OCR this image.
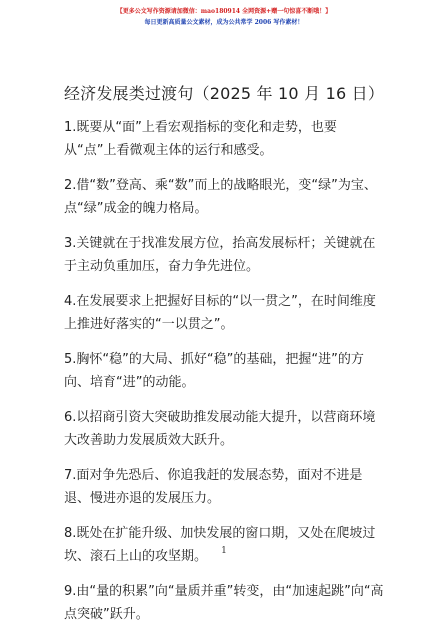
【更多公文写作资源请加微信：mao180914 全网资源+赠一句惊喜不断哦！】
每日更新高质量公文素材，成为公共常学 2006 写作素材！
经济发展类过渡句（2025 年 10 月 16 日）
1.既要从“面”上看宏观指标的变化和走势，也要从“点”上看微观主体的运行和感受。
2.借“数”登高、乘“数”而上的战略眼光，变“绿”为宝、点“绿”成金的魄力格局。
3.关键就在于找准发展方位，抬高发展标杆；关键就在于主动负重加压，奋力争先进位。
4.在发展要求上把握好目标的“以一贯之”，在时间维度上推进好落实的“一以贯之”。
5.胸怀“稳”的大局、抓好“稳”的基础，把握“进”的方向、培育“进”的动能。
6.以招商引资大突破助推发展动能大提升，以营商环境大改善助力发展质效大跃升。
7.面对争先恐后、你追我赶的发展态势，面对不进是退、慢进亦退的发展压力。
8.既处在扩能升级、加快发展的窗口期，又处在爬坡过坎、滚石上山的攻坚期。
9.由“量的积累”向“量质并重”转变，由“加速起跳”向“高点突破”跃升。
1
